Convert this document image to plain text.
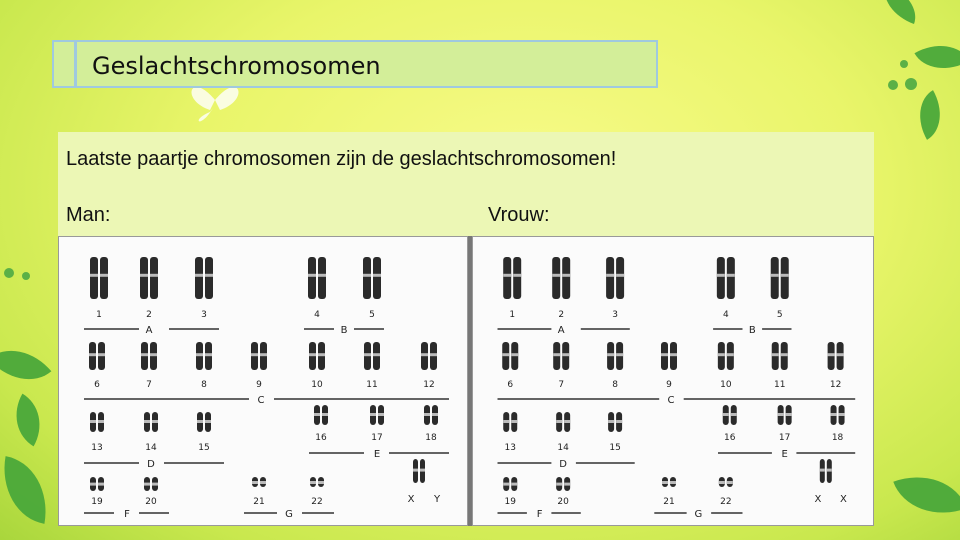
Geslachtschromosomen
Laatste paartje chromosomen zijn de geslachtschromosomen!
Man:	Vrouw:
1	2	3	4	5
A	B
6	7	8	9	10	11	12
C
13	14	15
16	17	18
D
E
19	20	21	22
F	G
X Y
1	2	3	4	5
A	B
6	7	8	9	10	11	12
C
13	14	15
16	17	18
D
E
19	20	21	22
F	G
X X
